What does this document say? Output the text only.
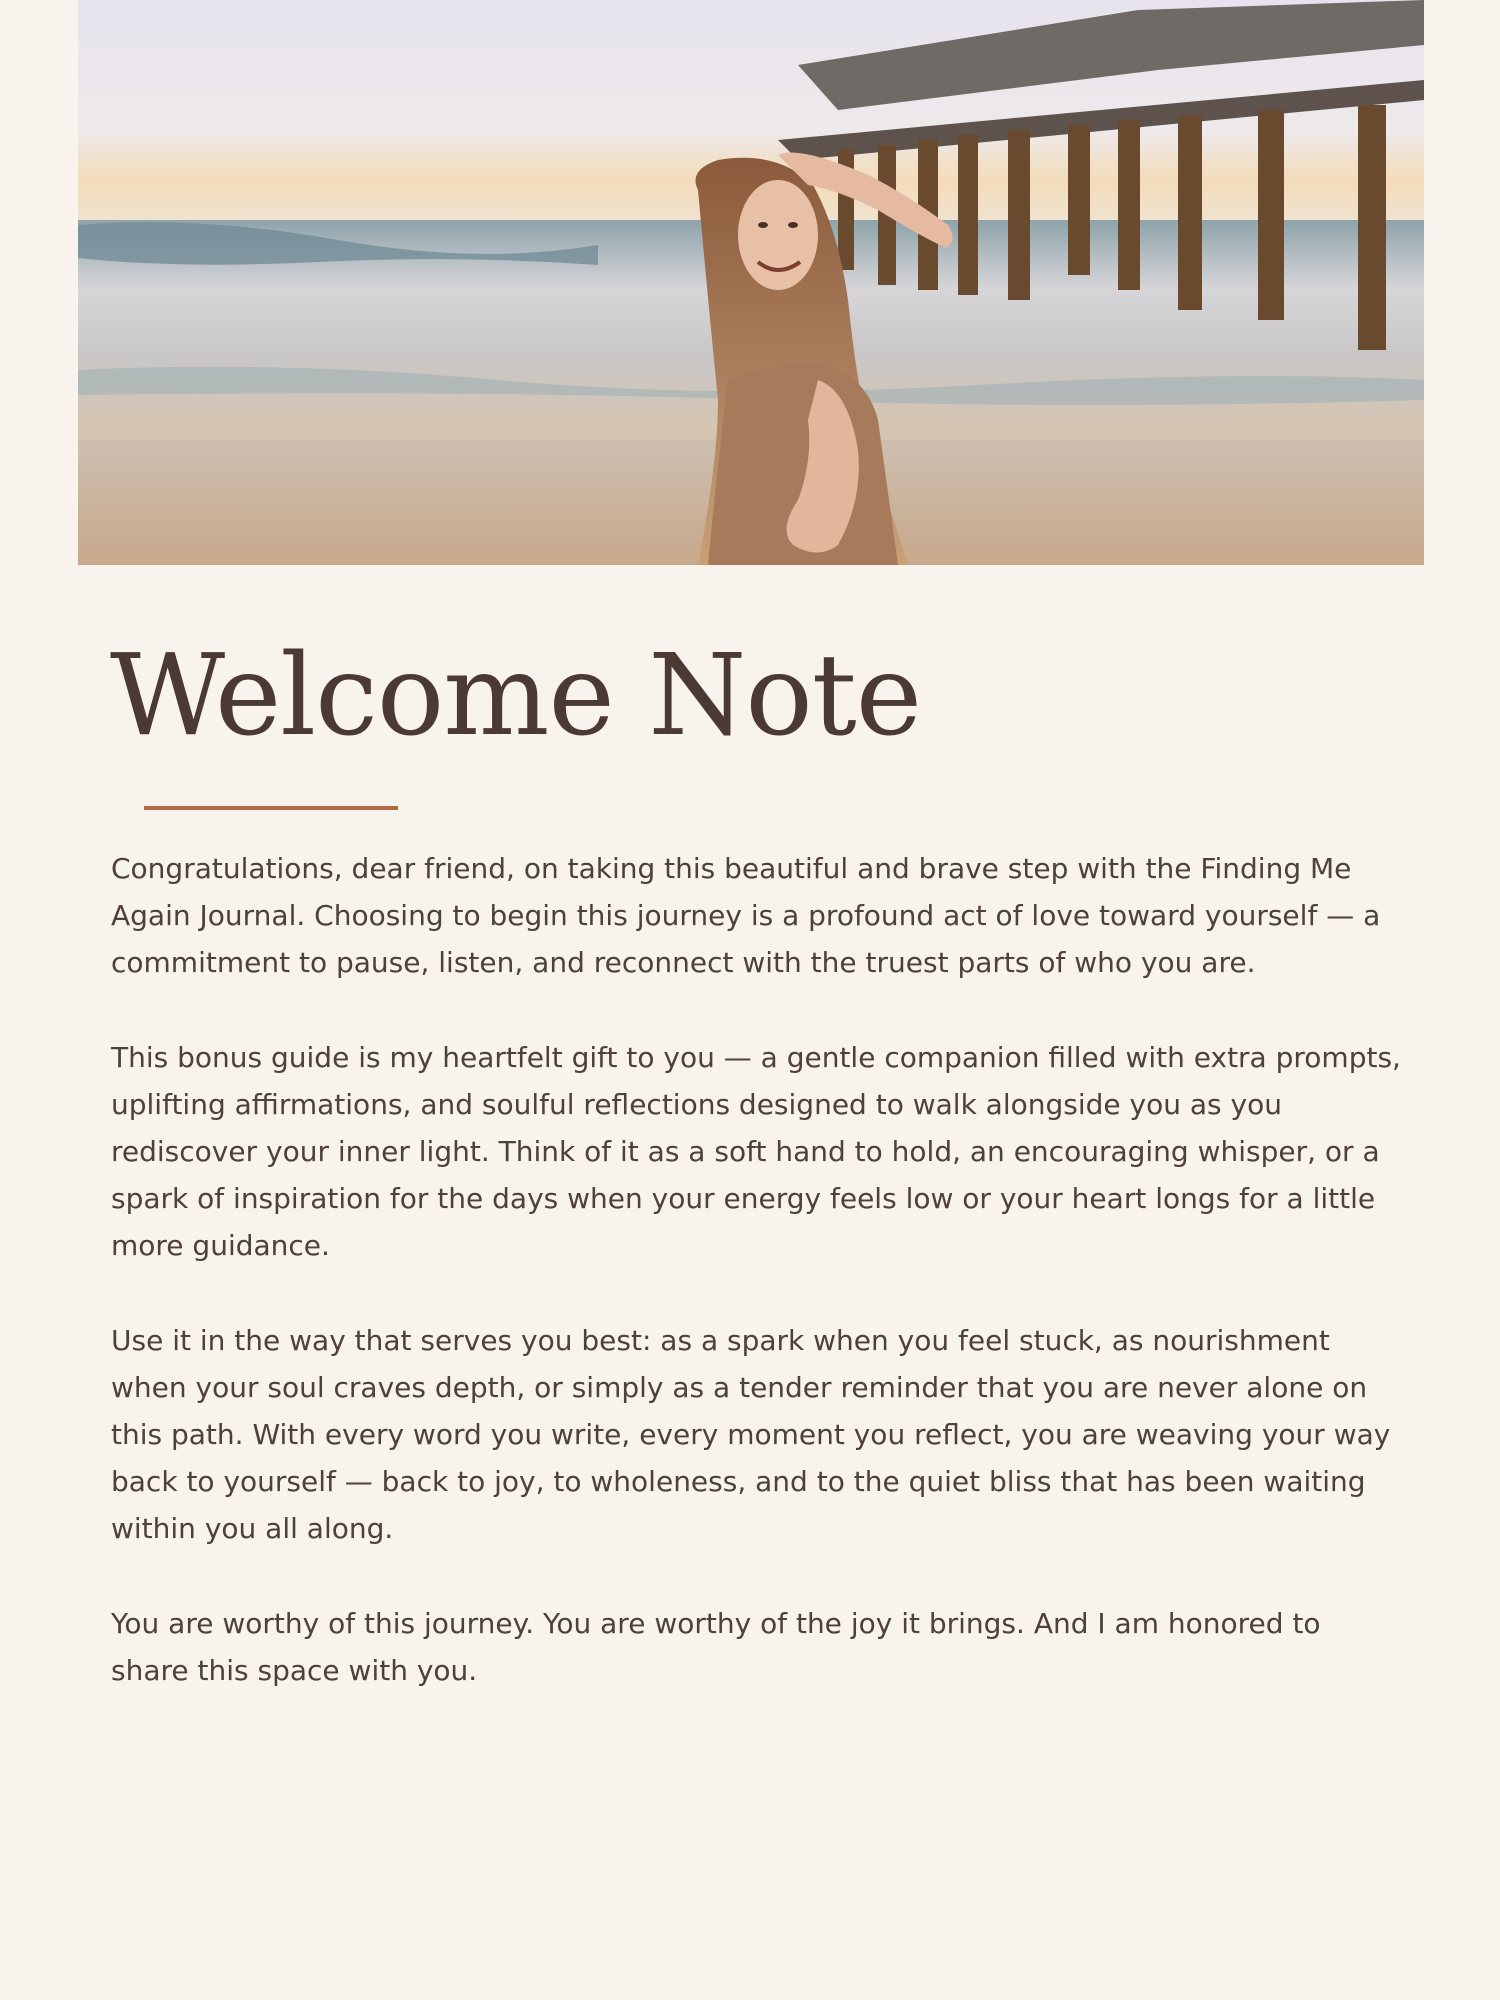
Welcome Note

Congratulations, dear friend, on taking this beautiful and brave step with the Finding Me Again Journal. Choosing to begin this journey is a profound act of love toward yourself — a commitment to pause, listen, and reconnect with the truest parts of who you are.

This bonus guide is my heartfelt gift to you — a gentle companion filled with extra prompts, uplifting affirmations, and soulful reflections designed to walk alongside you as you rediscover your inner light. Think of it as a soft hand to hold, an encouraging whisper, or a spark of inspiration for the days when your energy feels low or your heart longs for a little more guidance.

Use it in the way that serves you best: as a spark when you feel stuck, as nourishment when your soul craves depth, or simply as a tender reminder that you are never alone on this path. With every word you write, every moment you reflect, you are weaving your way back to yourself — back to joy, to wholeness, and to the quiet bliss that has been waiting within you all along.

You are worthy of this journey. You are worthy of the joy it brings. And I am honored to share this space with you.
